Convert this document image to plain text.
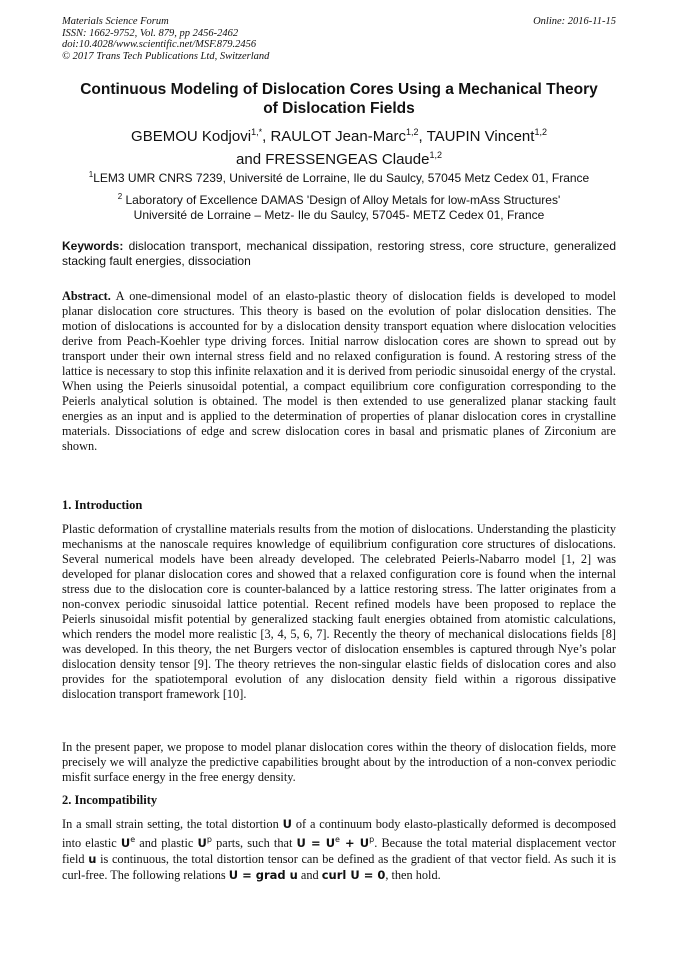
Materials Science Forum
ISSN: 1662-9752, Vol. 879, pp 2456-2462
doi:10.4028/www.scientific.net/MSF.879.2456
© 2017 Trans Tech Publications Ltd, Switzerland
Online: 2016-11-15
Continuous Modeling of Dislocation Cores Using a Mechanical Theory
of Dislocation Fields
GBEMOU Kodjovi$^{1,*}$, RAULOT Jean-Marc$^{1,2}$, TAUPIN Vincent$^{1,2}$
and FRESSENGEAS Claude$^{1,2}$
$^1$LEM3 UMR CNRS 7239, Université de Lorraine, Ile du Saulcy, 57045 Metz Cedex 01, France
$^2$ Laboratory of Excellence DAMAS 'Design of Alloy Metals for low-mAss Structures'
Université de Lorraine – Metz- Ile du Saulcy, 57045- METZ Cedex 01, France
Keywords: dislocation transport, mechanical dissipation, restoring stress, core structure, generalized stacking fault energies, dissociation
Abstract. A one-dimensional model of an elasto-plastic theory of dislocation fields is developed to model planar dislocation core structures. This theory is based on the evolution of polar dislocation densities. The motion of dislocations is accounted for by a dislocation density transport equation where dislocation velocities derive from Peach-Koehler type driving forces. Initial narrow dislocation cores are shown to spread out by transport under their own internal stress field and no relaxed configuration is found. A restoring stress of the lattice is necessary to stop this infinite relaxation and it is derived from periodic sinusoidal energy of the crystal. When using the Peierls sinusoidal potential, a compact equilibrium core configuration corresponding to the Peierls analytical solution is obtained. The model is then extended to use generalized planar stacking fault energies as an input and is applied to the determination of properties of planar dislocation cores in crystalline materials. Dissociations of edge and screw dislocation cores in basal and prismatic planes of Zirconium are shown.
1. Introduction
Plastic deformation of crystalline materials results from the motion of dislocations. Understanding the plasticity mechanisms at the nanoscale requires knowledge of equilibrium configuration core structures of dislocations. Several numerical models have been already developed. The celebrated Peierls-Nabarro model [1, 2] was developed for planar dislocation cores and showed that a relaxed configuration core is found when the internal stress due to the dislocation core is counter-balanced by a lattice restoring stress. The latter originates from a non-convex periodic sinusoidal lattice potential. Recent refined models have been proposed to replace the Peierls sinusoidal misfit potential by generalized stacking fault energies obtained from atomistic calculations, which renders the model more realistic [3, 4, 5, 6, 7]. Recently the theory of mechanical dislocations fields [8] was developed. In this theory, the net Burgers vector of dislocation ensembles is captured through Nye’s polar dislocation density tensor [9]. The theory retrieves the non-singular elastic fields of dislocation cores and also provides for the spatiotemporal evolution of any dislocation density field within a rigorous dissipative dislocation transport framework [10].
In the present paper, we propose to model planar dislocation cores within the theory of dislocation fields, more precisely we will analyze the predictive capabilities brought about by the introduction of a non-convex periodic misfit surface energy in the free energy density.
2. Incompatibility
In a small strain setting, the total distortion U of a continuum body elasto-plastically deformed is decomposed into elastic $U^e$ and plastic $U^p$ parts, such that $U = U^e + U^p$. Because the total material displacement vector field u is continuous, the total distortion tensor can be defined as the gradient of that vector field. As such it is curl-free. The following relations U = grad u and curl U = 0, then hold.
